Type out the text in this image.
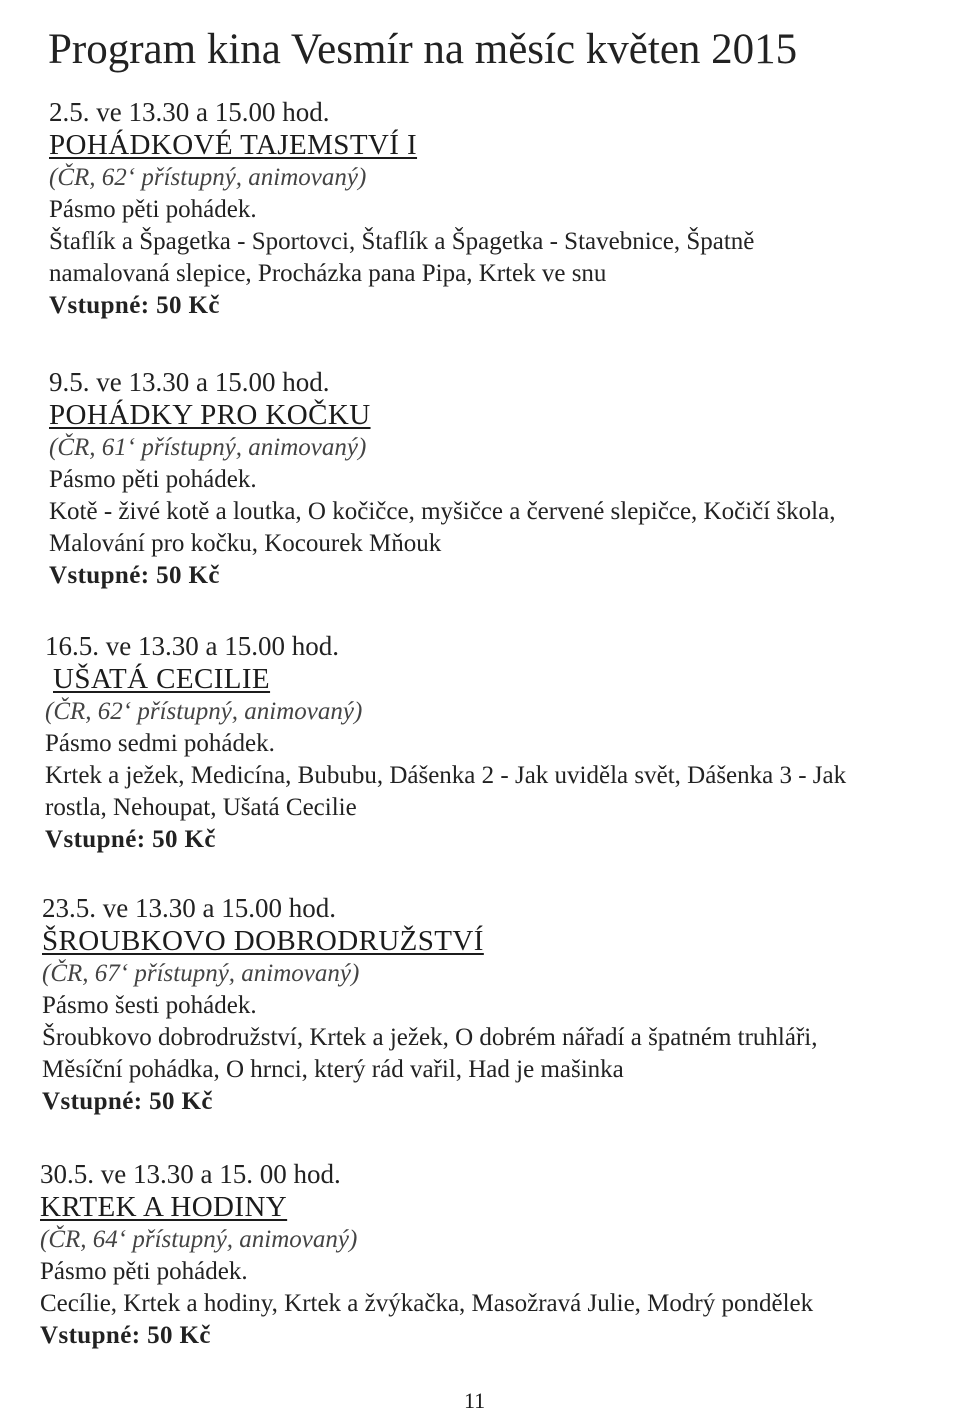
Program kina Vesmír na měsíc květen 2015
2.5. ve 13.30 a 15.00 hod.
POHÁDKOVÉ TAJEMSTVÍ I
(ČR, 62‘ přístupný, animovaný)
Pásmo pěti pohádek.
Štaflík a Špagetka - Sportovci, Štaflík a Špagetka - Stavebnice, Špatně
namalovaná slepice, Procházka pana Pipa, Krtek ve snu
Vstupné: 50 Kč
9.5. ve 13.30 a 15.00 hod.
POHÁDKY PRO KOČKU
(ČR, 61‘ přístupný, animovaný)
Pásmo pěti pohádek.
Kotě - živé kotě a loutka, O kočičce, myšičce a červené slepičce, Kočičí škola,
Malování pro kočku, Kocourek Mňouk
Vstupné: 50 Kč
16.5. ve 13.30 a 15.00 hod.
UŠATÁ CECILIE
(ČR, 62‘ přístupný, animovaný)
Pásmo sedmi pohádek.
Krtek a ježek, Medicína, Bububu, Dášenka 2 - Jak uviděla svět, Dášenka 3 - Jak
rostla, Nehoupat, Ušatá Cecilie
Vstupné: 50 Kč
23.5. ve 13.30 a 15.00 hod.
ŠROUBKOVO DOBRODRUŽSTVÍ
(ČR, 67‘ přístupný, animovaný)
Pásmo šesti pohádek.
Šroubkovo dobrodružství, Krtek a ježek, O dobrém nářadí a špatném truhláři,
Měsíční pohádka, O hrnci, který rád vařil, Had je mašinka
Vstupné: 50 Kč
30.5. ve 13.30 a 15. 00 hod.
KRTEK A HODINY
(ČR, 64‘ přístupný, animovaný)
Pásmo pěti pohádek.
Cecílie, Krtek a hodiny, Krtek a žvýkačka, Masožravá Julie, Modrý pondělek
Vstupné: 50 Kč
11
